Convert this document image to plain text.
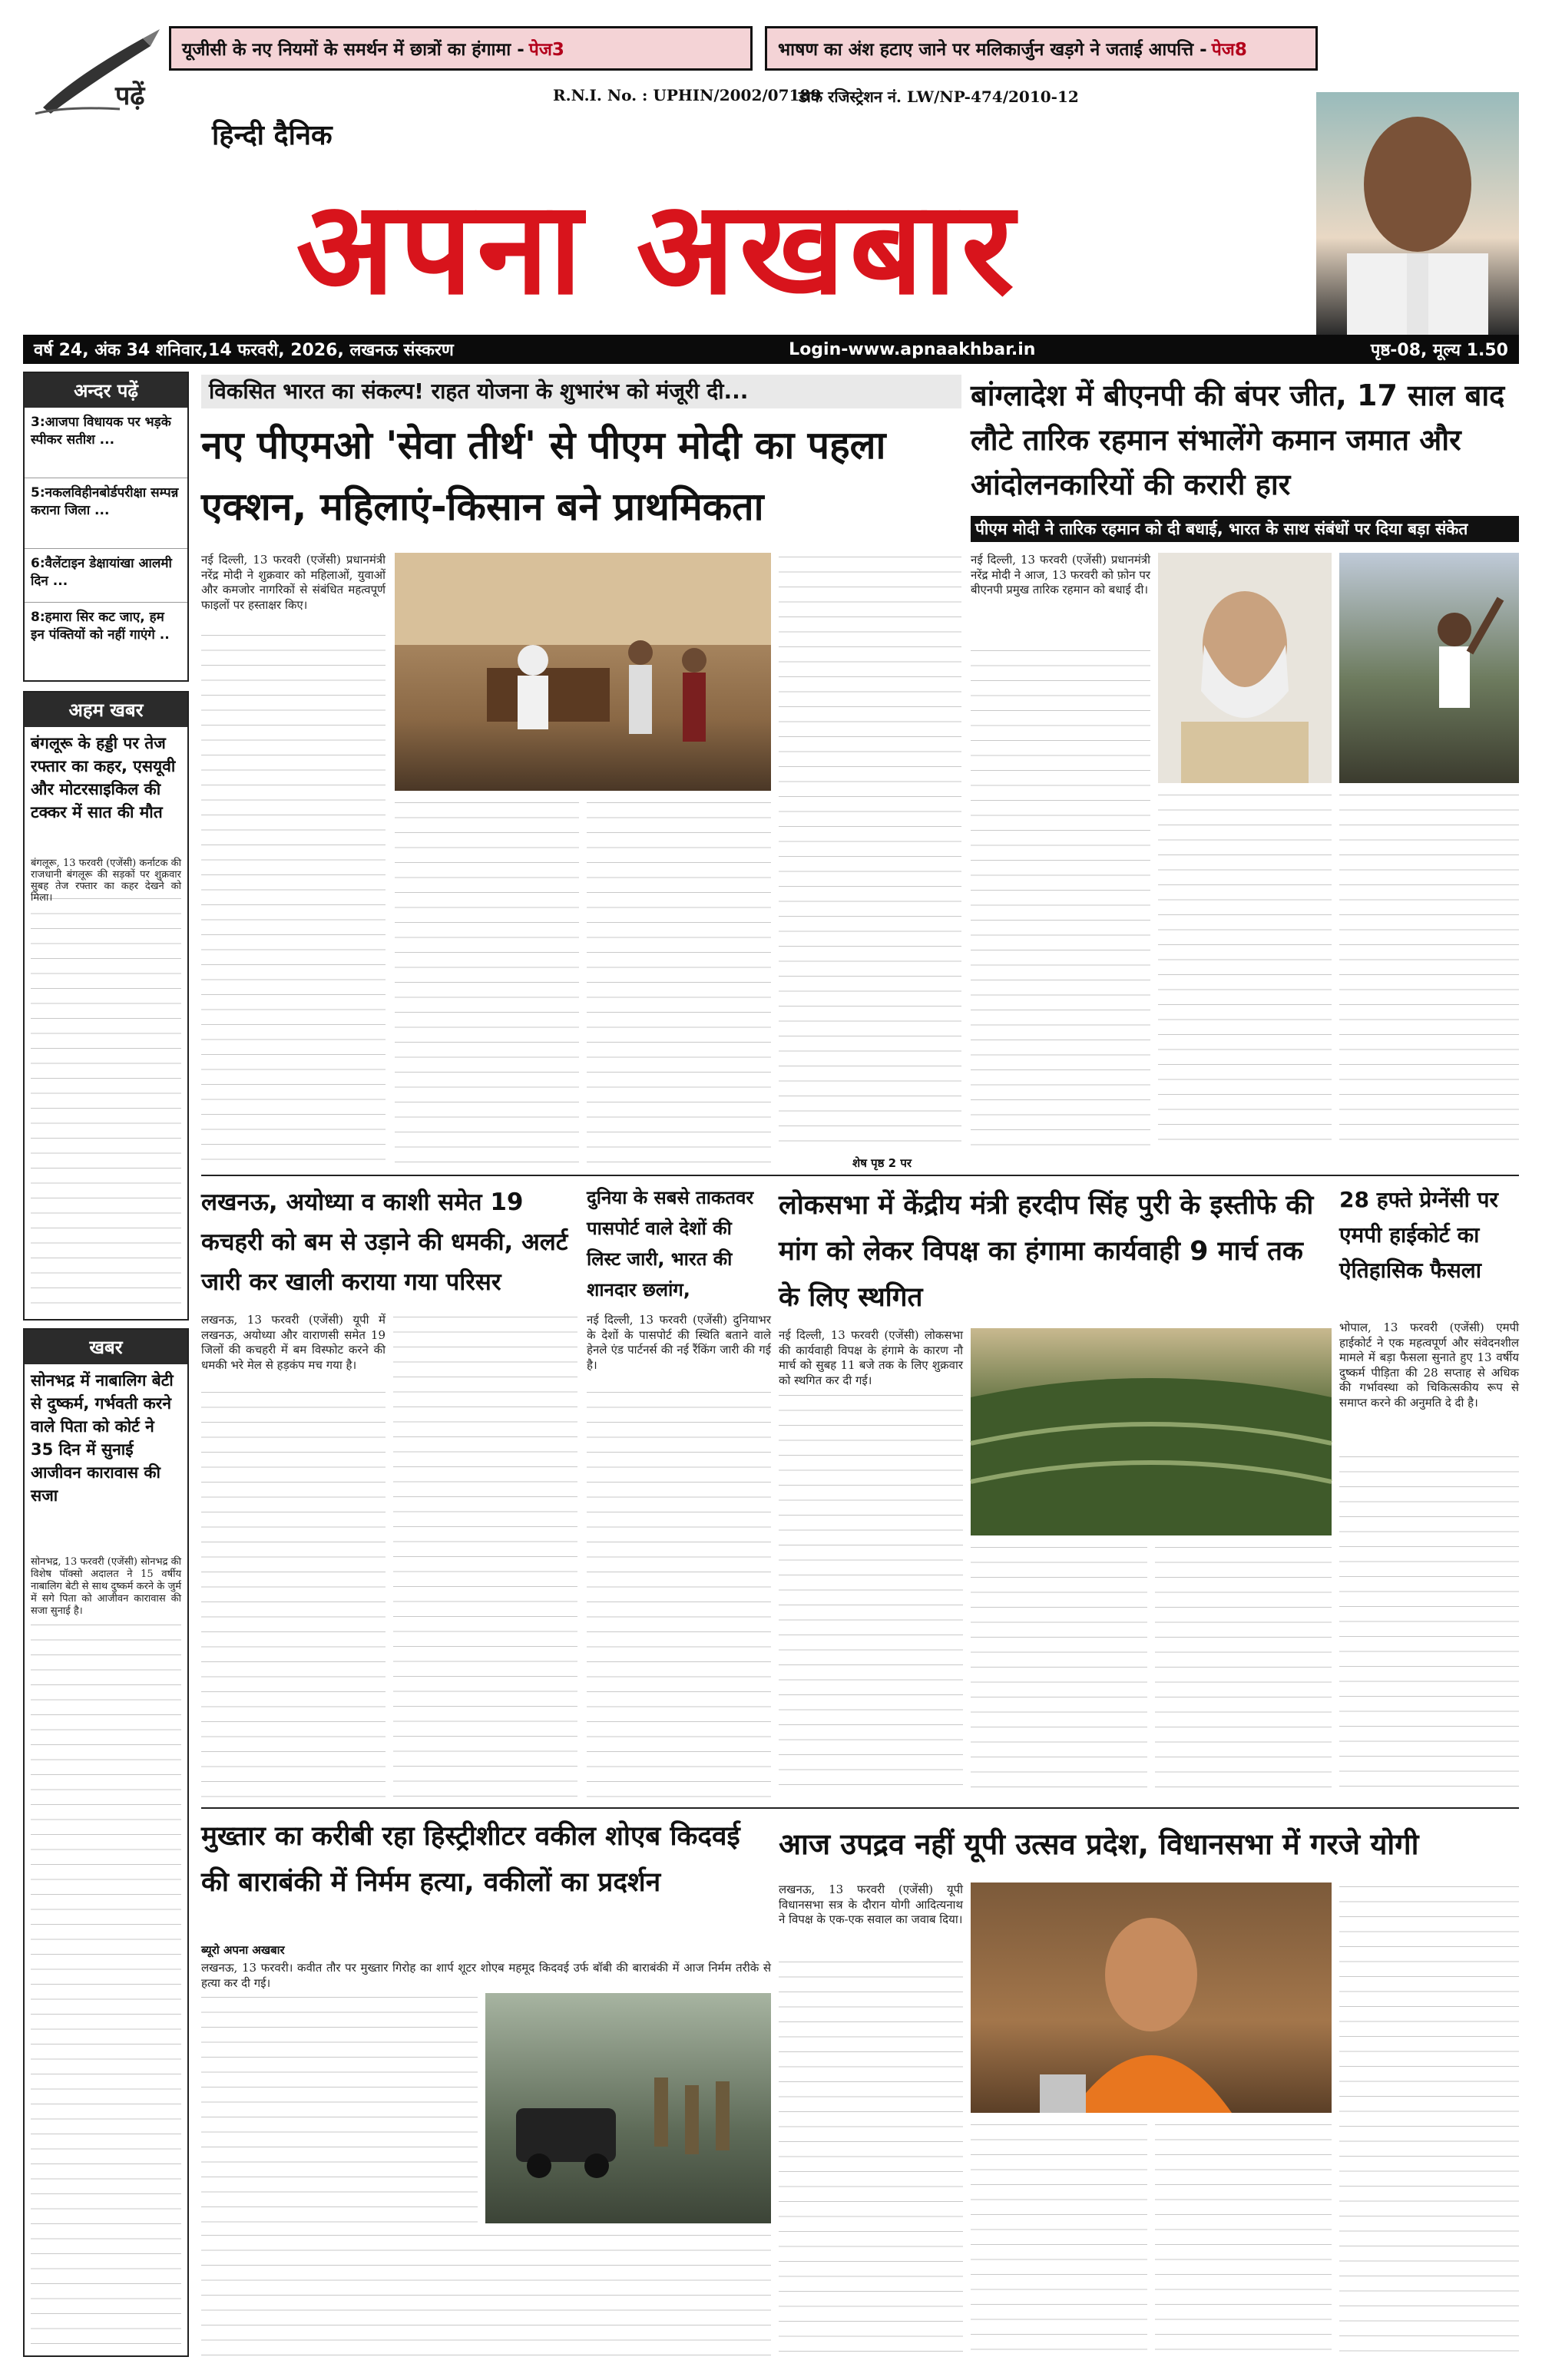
पढ़ें
यूजीसी के नए नियमों के समर्थन में छात्रों का हंगामा - पेज3	भाषण का अंश हटाए जाने पर मलिकार्जुन खड़गे ने जताई आपत्ति - पेज8
R.N.I. No. : UPHIN/2002/07189
डाक रजिस्ट्रेशन नं. LW/NP-474/2010-12
हिन्दी दैनिक
अपना अखबार
वर्ष 24, अंक 34 शनिवार,14 फरवरी, 2026, लखनऊ संस्करण	Login-www.apnaakhbar.in	पृष्ठ-08, मूल्य 1.50
अन्दर पढ़ें
3:आजपा विधायक पर भड़के स्पीकर सतीश ...
5:नकलविहीनबोर्डपरीक्षा सम्पन्न कराना जिला ...
6:वैलेंटाइन डेक्षायांखा आलमी दिन ...
8:हमारा सिर कट जाए, हम इन पंक्तियों को नहीं गाएंगे ..
अहम खबर
बंगलूरू के हड्डी पर तेज रफ्तार का कहर, एसयूवी और मोटरसाइकिल की टक्कर में सात की मौत
बंगलूरू, 13 फरवरी (एजेंसी) कर्नाटक की राजधानी बंगलूरू की सड़कों पर शुक्रवार सुबह तेज रफ्तार का कहर देखने को मिला।
खबर
सोनभद्र में नाबालिग बेटी से दुष्कर्म, गर्भवती करने वाले पिता को कोर्ट ने 35 दिन में सुनाई आजीवन कारावास की सजा
सोनभद्र, 13 फरवरी (एजेंसी) सोनभद्र की विशेष पॉक्सो अदालत ने 15 वर्षीय नाबालिग बेटी से साथ दुष्कर्म करने के जुर्म में सगे पिता को आजीवन कारावास की सजा सुनाई है।
विकसित भारत का संकल्प! राहत योजना के शुभारंभ को मंजूरी दी...
नए पीएमओ 'सेवा तीर्थ' से पीएम मोदी का पहला
एक्शन, महिलाएं-किसान बने प्राथमिकता
नई दिल्ली, 13 फरवरी (एजेंसी) प्रधानमंत्री नरेंद्र मोदी ने शुक्रवार को महिलाओं, युवाओं और कमजोर नागरिकों से संबंधित महत्वपूर्ण फाइलों पर हस्ताक्षर किए।
शेष पृष्ठ 2 पर
बांग्लादेश में बीएनपी की बंपर जीत, 17 साल बाद लौटे तारिक रहमान संभालेंगे कमान जमात और आंदोलनकारियों की करारी हार
पीएम मोदी ने तारिक रहमान को दी बधाई, भारत के साथ संबंधों पर दिया बड़ा संकेत
नई दिल्ली, 13 फरवरी (एजेंसी) प्रधानमंत्री नरेंद्र मोदी ने आज, 13 फरवरी को फ़ोन पर बीएनपी प्रमुख तारिक रहमान को बधाई दी।
लखनऊ, अयोध्या व काशी समेत 19 कचहरी को बम से उड़ाने की धमकी, अलर्ट जारी कर खाली कराया गया परिसर
लखनऊ, 13 फरवरी (एजेंसी) यूपी में लखनऊ, अयोध्या और वाराणसी समेत 19 जिलों की कचहरी में बम विस्फोट करने की धमकी भरे मेल से हड़कंप मच गया है।
दुनिया के सबसे ताकतवर पासपोर्ट वाले देशों की लिस्ट जारी, भारत की शानदार छलांग,
नई दिल्ली, 13 फरवरी (एजेंसी) दुनियाभर के देशों के पासपोर्ट की स्थिति बताने वाले हेनले एंड पार्टनर्स की नई रैंकिंग जारी की गई है।
लोकसभा में केंद्रीय मंत्री हरदीप सिंह पुरी के इस्तीफे की मांग को लेकर विपक्ष का हंगामा कार्यवाही 9 मार्च तक के लिए स्थगित
नई दिल्ली, 13 फरवरी (एजेंसी) लोकसभा की कार्यवाही विपक्ष के हंगामे के कारण नौ मार्च को सुबह 11 बजे तक के लिए शुक्रवार को स्थगित कर दी गई।
28 हफ्ते प्रेग्नेंसी पर एमपी हाईकोर्ट का ऐतिहासिक फैसला
भोपाल, 13 फरवरी (एजेंसी) एमपी हाईकोर्ट ने एक महत्वपूर्ण और संवेदनशील मामले में बड़ा फैसला सुनाते हुए 13 वर्षीय दुष्कर्म पीड़िता की 28 सप्ताह से अधिक की गर्भावस्था को चिकित्सकीय रूप से समाप्त करने की अनुमति दे दी है।
मुख्तार का करीबी रहा हिस्ट्रीशीटर वकील शोएब किदवई की बाराबंकी में निर्मम हत्या, वकीलों का प्रदर्शन
ब्यूरो अपना अखबार
लखनऊ, 13 फरवरी। कवीत तौर पर मुख्तार गिरोह का शार्प शूटर शोएब महमूद किदवई उर्फ बॉबी की बाराबंकी में आज निर्मम तरीके से हत्या कर दी गई।
आज उपद्रव नहीं यूपी उत्सव प्रदेश, विधानसभा में गरजे योगी
लखनऊ, 13 फरवरी (एजेंसी) यूपी विधानसभा सत्र के दौरान योगी आदित्यनाथ ने विपक्ष के एक-एक सवाल का जवाब दिया।
